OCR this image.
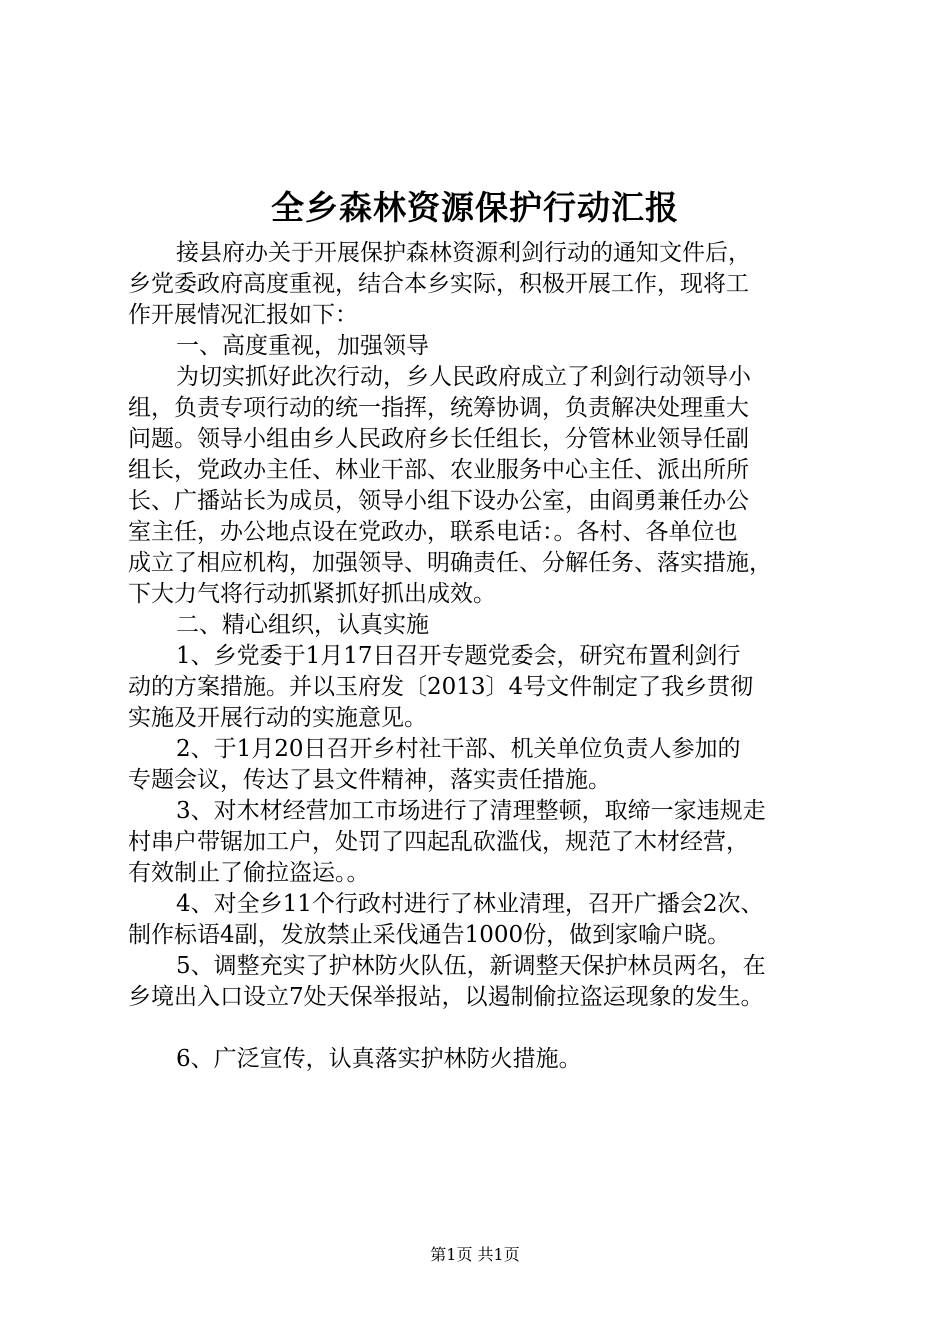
全乡森林资源保护行动汇报
接县府办关于开展保护森林资源利剑行动的通知文件后，
乡党委政府高度重视，结合本乡实际，积极开展工作，现将工
作开展情况汇报如下：
一、高度重视，加强领导
为切实抓好此次行动，乡人民政府成立了利剑行动领导小
组，负责专项行动的统一指挥，统筹协调，负责解决处理重大
问题。领导小组由乡人民政府乡长任组长，分管林业领导任副
组长，党政办主任、林业干部、农业服务中心主任、派出所所
长、广播站长为成员，领导小组下设办公室，由阎勇兼任办公
室主任，办公地点设在党政办，联系电话：。各村、各单位也
成立了相应机构，加强领导、明确责任、分解任务、落实措施，
下大力气将行动抓紧抓好抓出成效。
二、精心组织，认真实施
1、乡党委于1月17日召开专题党委会，研究布置利剑行
动的方案措施。并以玉府发〔2013〕4号文件制定了我乡贯彻
实施及开展行动的实施意见。
2、于1月20日召开乡村社干部、机关单位负责人参加的
专题会议，传达了县文件精神，落实责任措施。
3、对木材经营加工市场进行了清理整顿，取缔一家违规走
村串户带锯加工户，处罚了四起乱砍滥伐，规范了木材经营，
有效制止了偷拉盗运。。
4、对全乡11个行政村进行了林业清理，召开广播会2次、
制作标语4副，发放禁止采伐通告1000份，做到家喻户晓。
5、调整充实了护林防火队伍，新调整天保护林员两名，在
乡境出入口设立7处天保举报站，以遏制偷拉盗运现象的发生。
6、广泛宣传，认真落实护林防火措施。
第1页 共1页
